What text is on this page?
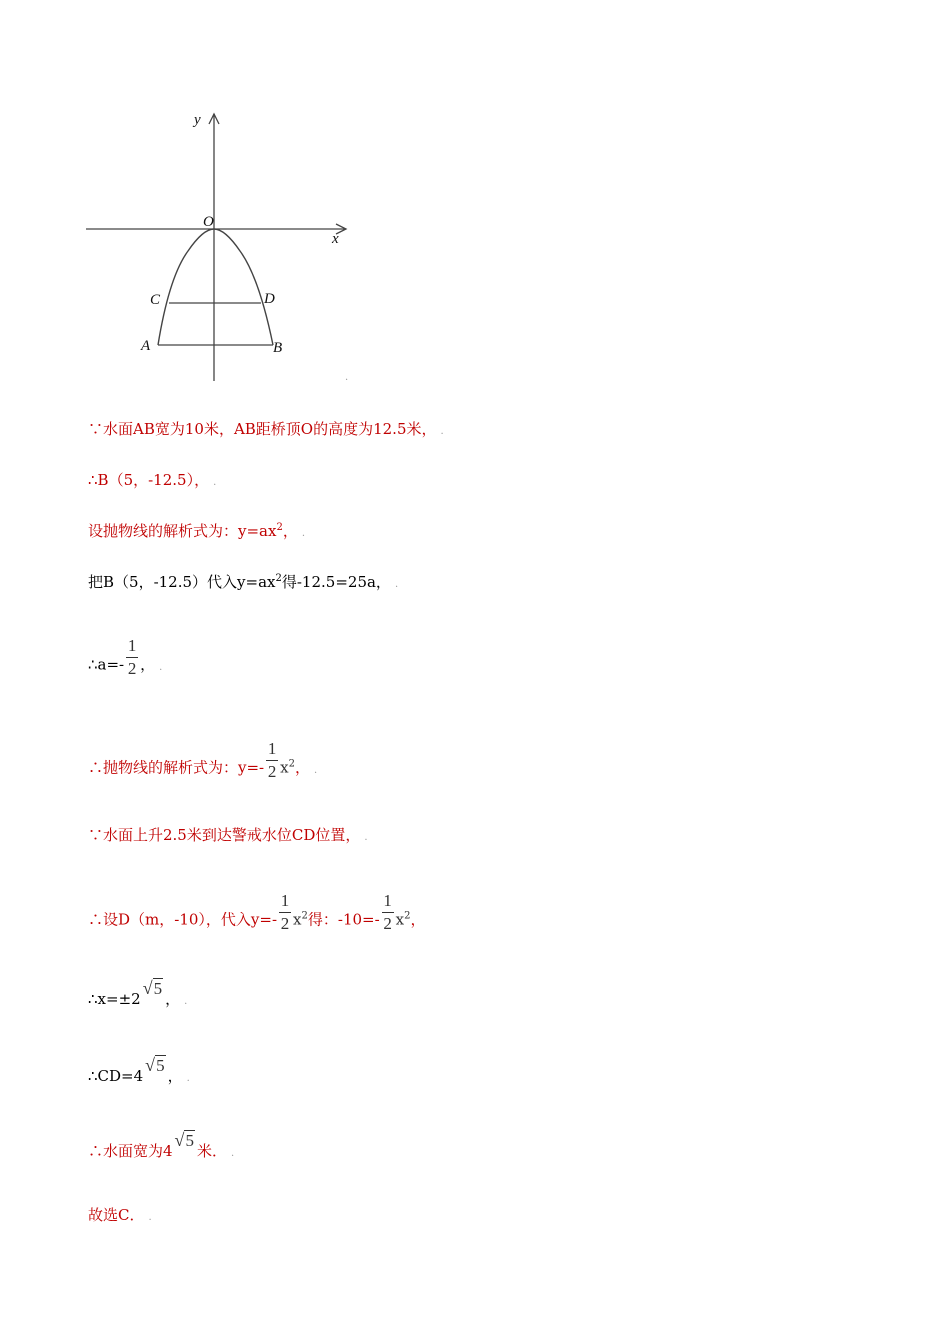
y
x
O
C	D
A	B
.
∵水面AB宽为10米，AB距桥顶O的高度为12.5米， .
∴B（5，-12.5）， .
设抛物线的解析式为：$y=ax^2$， .
把B（5，-12.5）代入$y=ax^2$得-12.5=25a， .
∴a=- $\frac{1}{2}$ ， .
∴抛物线的解析式为：$y=- \frac{1}{2} x^2$， .
∵水面上升2.5米到达警戒水位CD位置， .
∴设D（m，-10），代入$y=- \frac{1}{2} x^2$得：$-10=- \frac{1}{2} x^2$，
∴x=±2√5， .
∴CD=4√5， .
∴水面宽为4√5米． .
故选C． .
